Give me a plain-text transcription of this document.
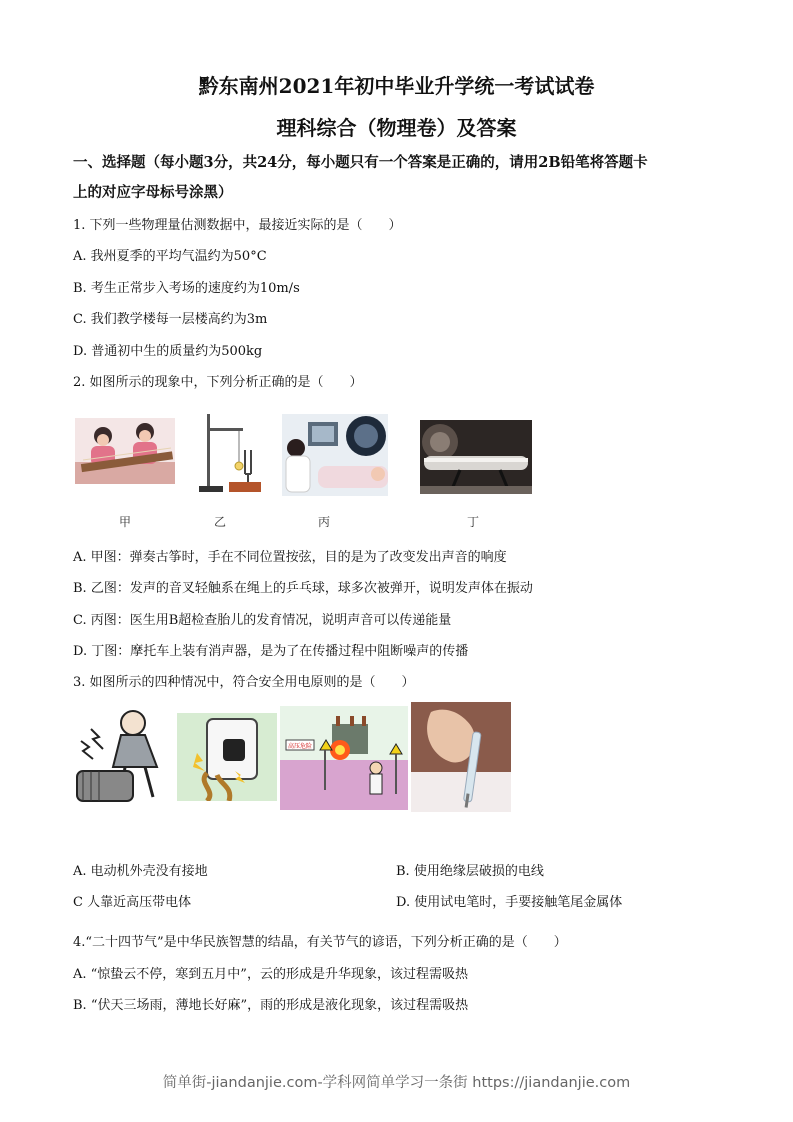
黔东南州2021年初中毕业升学统一考试试卷
理科综合（物理卷）及答案
一、选择题（每小题3分，共24分，每小题只有一个答案是正确的，请用2B铅笔将答题卡
上的对应字母标号涂黑）
1. 下列一些物理量估测数据中，最接近实际的是（　　）
A. 我州夏季的平均气温约为50°C
B. 考生正常步入考场的速度约为10m/s
C. 我们教学楼每一层楼高约为3m
D. 普通初中生的质量约为500kg
2. 如图所示的现象中，下列分析正确的是（　　）
甲	乙	丙	丁
A. 甲图：弹奏古筝时，手在不同位置按弦，目的是为了改变发出声音的响度
B. 乙图：发声的音叉轻触系在绳上的乒乓球，球多次被弹开，说明发声体在振动
C. 丙图：医生用B超检查胎儿的发育情况，说明声音可以传递能量
D. 丁图：摩托车上装有消声器，是为了在传播过程中阻断噪声的传播
3. 如图所示的四种情况中，符合安全用电原则的是（　　）
高压危险
A. 电动机外壳没有接地	B. 使用绝缘层破损的电线
C 人靠近高压带电体	D. 使用试电笔时，手要接触笔尾金属体
4.“二十四节气”是中华民族智慧的结晶，有关节气的谚语，下列分析正确的是（　　）
A. “惊蛰云不停，寒到五月中”，云的形成是升华现象，该过程需吸热
B. “伏天三场雨，薄地长好麻”，雨的形成是液化现象，该过程需吸热
简单街-jiandanjie.com-学科网简单学习一条街 https://jiandanjie.com
